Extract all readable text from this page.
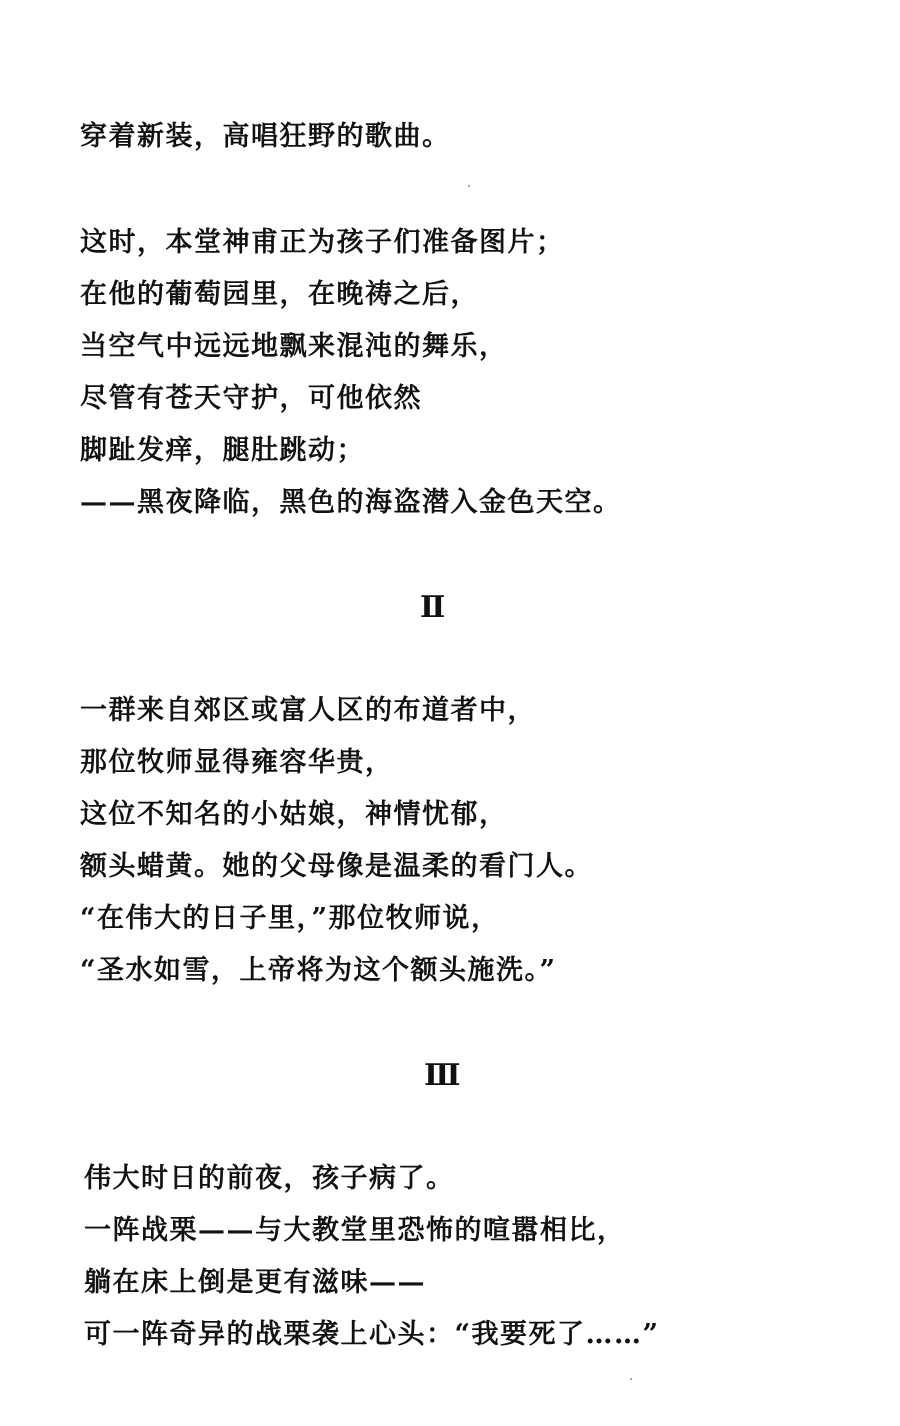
穿着新装，高唱狂野的歌曲。
这时，本堂神甫正为孩子们准备图片；
在他的葡萄园里，在晚祷之后，
当空气中远远地飘来混沌的舞乐，
尽管有苍天守护，可他依然
脚趾发痒，腿肚跳动；
——黑夜降临，黑色的海盗潜入金色天空。
Ⅱ
一群来自郊区或富人区的布道者中，
那位牧师显得雍容华贵，
这位不知名的小姑娘，神情忧郁，
额头蜡黄。她的父母像是温柔的看门人。
“在伟大的日子里，”那位牧师说，
“圣水如雪，上帝将为这个额头施洗。”
Ⅲ
伟大时日的前夜，孩子病了。
一阵战栗——与大教堂里恐怖的喧嚣相比，
躺在床上倒是更有滋味——
可一阵奇异的战栗袭上心头：“我要死了……”
